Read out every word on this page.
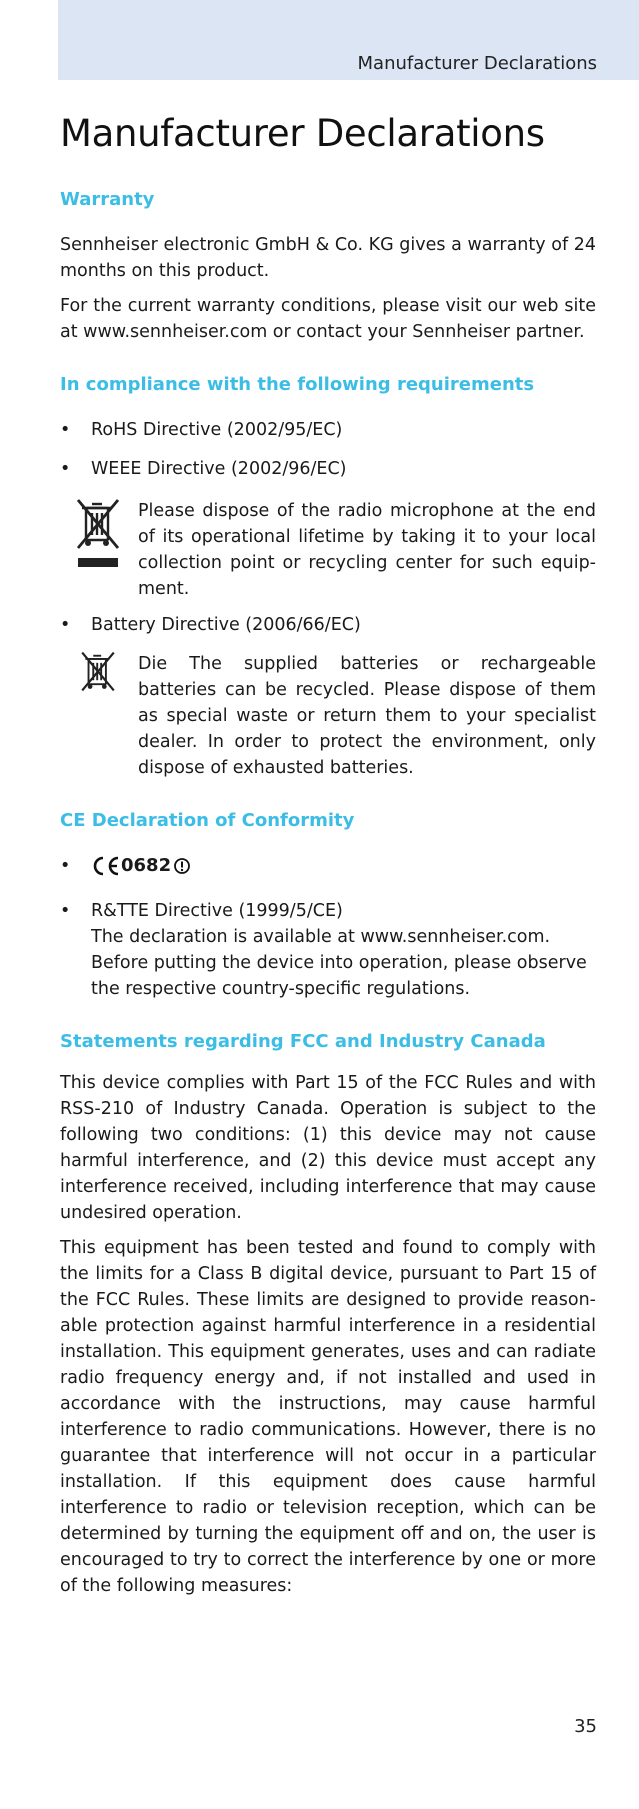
Manufacturer Declarations
Manufacturer Declarations
Warranty

Sennheiser electronic GmbH & Co. KG gives a warranty of 24 months on this product.

For the current warranty conditions, please visit our web site at www.sennheiser.com or contact your Sennheiser partner.

In compliance with the following requirements
• RoHS Directive (2002/95/EC)
• WEEE Directive (2002/96/EC)
Please dispose of the radio microphone at the end of its operational lifetime by taking it to your local collection point or recycling center for such equip-ment.
• Battery Directive (2006/66/EC)
Die The supplied batteries or rechargeable batteries can be recycled. Please dispose of them as special waste or return them to your specialist dealer. In order to protect the environment, only dispose of exhausted batteries.
CE Declaration of Conformity
•	0682
• R&TTE Directive (1999/5/CE)
The declaration is available at www.sennheiser.com.
Before putting the device into operation, please observe the respective country-specific regulations.
Statements regarding FCC and Industry Canada

This device complies with Part 15 of the FCC Rules and with RSS-210 of Industry Canada. Operation is subject to the following two conditions: (1) this device may not cause harmful interference, and (2) this device must accept any interference received, including interference that may cause undesired operation.

This equipment has been tested and found to comply with the limits for a Class B digital device, pursuant to Part 15 of the FCC Rules. These limits are designed to provide reason-able protection against harmful interference in a residential installation. This equipment generates, uses and can radiate radio frequency energy and, if not installed and used in accordance with the instructions, may cause harmful interference to radio communications. However, there is no guarantee that interference will not occur in a particular installation. If this equipment does cause harmful interference to radio or television reception, which can be determined by turning the equipment off and on, the user is encouraged to try to correct the interference by one or more of the following measures:

35
